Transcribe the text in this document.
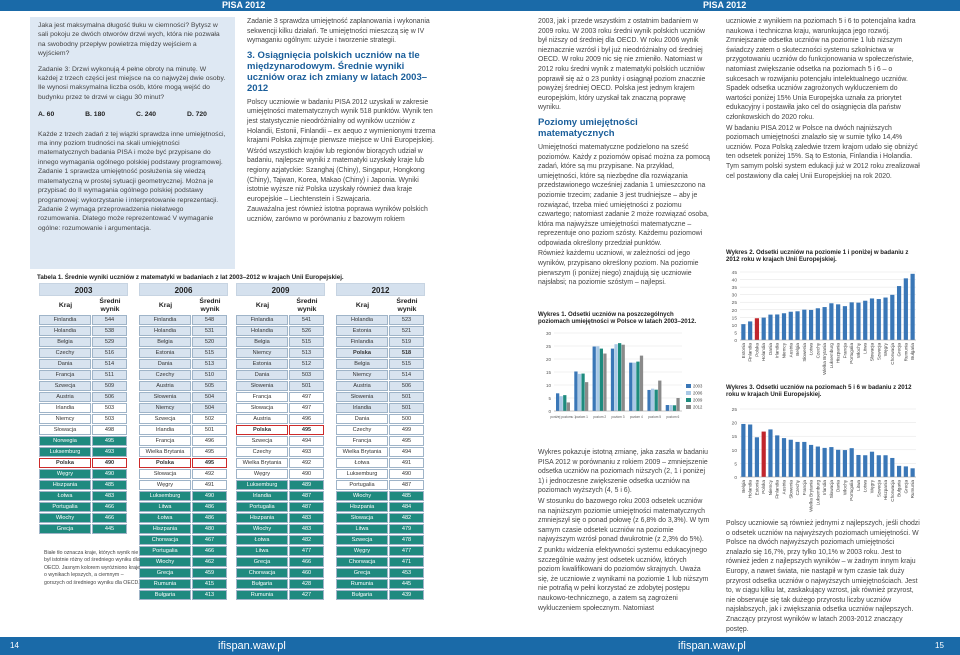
PISA 2012	PISA 2012

Jaka jest maksymalna długość tłuku w ciemności? Bytysz w sali pokoju ze dwóch otworów drzwi wych, która nie pozwała na swobodny przepływ powietrza między wejściem a wyjściem?

Zadanie 3: Drzwi wykonują 4 pełne obroty na minutę. W każdej z trzech części jest miejsce na co najwyżej dwie osoby. Ile wynosi maksymalna liczba osób, które mogą wejść do budynku przez te drzwi w ciągu 30 minut?

A. 60	B. 180	C. 240	D. 720

Każde z trzech zadań z tej wiązki sprawdza inne umiejętności, ma inny poziom trudności na skali umiejętności matematycznych badania PISA i może być przypisane do innego wymagania ogólnego polskiej podstawy programowej. Zadanie 1 sprawdza umiejętność posłużenia się wiedzą matematyczną w prostej sytuacji geometrycznej. Można je przypisać do II wymagania ogólnego polskiej podstawy programowej: wykorzystanie i interpretowanie reprezentacji. Zadanie 2 wymaga przeprowadzenia niełatwego rozumowania. Dlatego może reprezentować V wymaganie ogólne: rozumowanie i argumentacja.

Zadanie 3 sprawdza umiejętność zaplanowania i wykonania sekwencji kilku działań. Te umiejętności mieszczą się w IV wymaganiu ogólnym: użycie i tworzenie strategii.

3. Osiągnięcia polskich uczniów na tle międzynarodowym. Średnie wyniki uczniów oraz ich zmiany w latach 2003–2012

Polscy uczniowie w badaniu PISA 2012 uzyskali w zakresie umiejętności matematycznych wynik 518 punktów. Wynik ten jest statystycznie nieodróżnialny od wyników uczniów z Holandii, Estonii, Finlandii – ex aequo z wymienionymi trzema krajami Polska zajmuje pierwsze miejsce w Unii Europejskiej.

Wśród wszystkich krajów lub regionów biorących udział w badaniu, najlepsze wyniki z matematyki uzyskały kraje lub regiony azjatyckie: Szanghaj (Chiny), Singapur, Hongkong (Chiny), Tajwan, Korea, Makao (Chiny) i Japonia. Wyniki istotnie wyższe niż Polska uzyskały również dwa kraje europejskie – Liechtenstein i Szwajcaria.

Zauważalna jest również istotna poprawa wyników polskich uczniów, zarówno w porównaniu z bazowym rokiem

2003, jak i przede wszystkim z ostatnim badaniem w 2009 roku. W 2003 roku średni wynik polskich uczniów był niższy od średniej dla OECD. W roku 2006 wynik nieznacznie wzrósł i był już nieodróżnialny od średniej OECD. W roku 2009 nic się nie zmieniło. Natomiast w 2012 roku średni wynik z matematyki polskich uczniów poprawił się aż o 23 punkty i osiągnął poziom znacznie powyżej średniej OECD. Polska jest jednym krajem europejskim, który uzyskał tak znaczną poprawę wyniku.

Poziomy umiejętności matematycznych

Umiejętności matematyczne podzielono na sześć poziomów. Każdy z poziomów opisać można za pomocą zadań, które są mu przypisane. Na przykład, umiejętności, które są niezbędne dla rozwiązania przedstawionego wcześniej zadania 1 umieszczono na poziomie trzecim; zadanie 3 jest trudniejsze – aby je rozwiązać, trzeba mieć umiejętności z poziomu czwartego; natomiast zadanie 2 może rozwiązać osoba, która ma najwyższe umiejętności matematyczne – reprezentuje ono poziom szósty. Każdemu poziomowi odpowiada określony przedział punktów.

Również każdemu uczniowi, w zależności od jego wyników, przypisano określony poziom. Na poziomie pierwszym (i poniżej niego) znajdują się uczniowie najsłabsi; na poziomie szóstym – najlepsi.

Wykres pokazuje istotną zmianę, jaka zaszła w badaniu PISA 2012 w porównaniu z rokiem 2009 – zmniejszenie odsetka uczniów na poziomach niższych (2, 1 i poniżej 1) i jednoczesne zwiększenie odsetka uczniów na poziomach wyższych (4, 5 i 6).

W stosunku do bazowego roku 2003 odsetek uczniów na najniższym poziomie umiejętności matematycznych zmniejszył się o ponad połowę (z 6,8% do 3,3%). W tym samym czasie odsetek uczniów na poziomie najwyższym wzrósł ponad dwukrotnie (z 2,3% do 5%).

Z punktu widzenia efektywności systemu edukacyjnego szczególnie ważny jest odsetek uczniów, których poziom kwalifikowani do poziomów skrajnych. Uważa się, że uczniowie z wynikami na poziomie 1 lub niższym nie potrafią w pełni korzystać ze zdobytej postępu naukowo-technicznego, a zatem są zagrożeni wykluczeniem społecznym. Natomiast

uczniowie z wynikiem na poziomach 5 i 6 to potencjalna kadra naukowa i techniczna kraju, warunkująca jego rozwój. Zmniejszanie odsetka uczniów na poziomie 1 lub niższym świadczy zatem o skuteczności systemu szkolnictwa w przygotowaniu uczniów do funkcjonowania w społeczeństwie, natomiast zwiększanie odsetka na poziomach 5 i 6 – o sukcesach w rozwijaniu potencjału intelektualnego uczniów. Spadek odsetka uczniów zagrożonych wykluczeniem do wartości poniżej 15% Unia Europejska uznała za priorytet edukacyjny i postawiła jako cel do osiągnięcia dla państw członkowskich do 2020 roku.

W badaniu PISA 2012 w Polsce na dwóch najniższych poziomach umiejętności znalazło się w sumie tylko 14,4% uczniów. Poza Polską zaledwie trzem krajom udało się obniżyć ten odsetek poniżej 15%. Są to Estonia, Finlandia i Holandia. Tym samym polski system edukacji już w 2012 roku zrealizował cel postawiony dla całej Unii Europejskiej na rok 2020.

Polscy uczniowie są również jednymi z najlepszych, jeśli chodzi o odsetek uczniów na najwyższych poziomach umiejętności. W Polsce na dwóch najwyższych poziomach umiejętności znalazło się 16,7%, przy tylko 10,1% w 2003 roku. Jest to również jeden z najlepszych wyników – w żadnym innym kraju Europy, a nawet świata, nie nastąpił w tym czasie tak duży przyrost odsetka uczniów o najwyższych umiejętnościach. Jest to, w ciągu kilku lat, zaskakujący wzrost, jak również przyrost, nie obserwuje się tak dużego przyrostu liczby uczniów najsłabszych, jak i zwiększania odsetka uczniów najlepszych. Znaczący przyrost wyników w latach 2003-2012 znaczący postęp.

Tabela 1. Średnie wyniki uczniów z matematyki w badaniach z lat 2003–2012 w krajach Unii Europejskiej.
2003
Kraj
Średni wynik
Finlandia	544
Holandia	538
Belgia	529
Czechy	516
Dania	514
Francja	511
Szwecja	509
Austria	506
Irlandia	503
Niemcy	503
Słowacja	498
Norwegia	495
Luksemburg	493
Polska	490
Węgry	490
Hiszpania	485
Łotwa	483
Portugalia	466
Włochy	466
Grecja	445
2006
Kraj
Średni wynik
Finlandia	548
Holandia	531
Belgia	520
Estonia	515
Dania	513
Czechy	510
Austria	505
Słowenia	504
Niemcy	504
Szwecja	502
Irlandia	501
Francja	496
Wielka Brytania	495
Polska	495
Słowacja	492
Węgry	491
Luksemburg	490
Litwa	486
Łotwa	486
Hiszpania	480
Chorwacja	467
Portugalia	466
Włochy	462
Grecja	459
Rumunia	415
Bułgaria	413
2009
Kraj
Średni wynik
Finlandia	541
Holandia	526
Belgia	515
Niemcy	513
Estonia	512
Dania	503
Słowenia	501
Francja	497
Słowacja	497
Austria	496
Polska	495
Szwecja	494
Czechy	493
Wielka Brytania	492
Węgry	490
Luksemburg	489
Irlandia	487
Portugalia	487
Hiszpania	483
Włochy	483
Łotwa	482
Litwa	477
Grecja	466
Chorwacja	460
Bułgaria	428
Rumunia	427
2012
Kraj
Średni wynik
Holandia	523
Estonia	521
Finlandia	519
Polska	518
Belgia	515
Niemcy	514
Austria	506
Słowenia	501
Irlandia	501
Dania	500
Czechy	499
Francja	495
Wielka Brytania	494
Łotwa	491
Luksemburg	490
Portugalia	487
Włochy	485
Hiszpania	484
Słowacja	482
Litwa	479
Szwecja	478
Węgry	477
Chorwacja	471
Grecja	453
Rumunia	445
Bułgaria	439
Białe tło oznacza kraje, których wynik nie był istotnie różny od średniego wyniku dla OECD. Jasnym kolorem wyróżniono kraje o wynikach lepszych, a ciemnym – gorszych od średniego wyniku dla OECD.
Wykres 1. Odsetki uczniów na poszczególnych poziomach umiejętności w Polsce w latach 2003–2012.
Wykres 2. Odsetki uczniów na poziomie 1 i poniżej w badaniu z 2012 roku w krajach Unii Europejskiej.
Wykres 3. Odsetki uczniów na poziomach 5 i 6 w badaniu z 2012 roku w krajach Unii Europejskiej.
0
5
10
15
20
25
30
poniżej poziomu 1
poziom 1 poziom 2 poziom 3 poziom 4 poziom 5 poziom 6
2003
2006
2009
2012
0
5
10
15
20
25
30
35
40
45
Estonia Finlandia Polska Holandia Dania Irlandia Niemcy Austria Belgia Słowenia Łotwa Czechy Wielka Brytania Luksemburg Hiszpania Francja Portugalia Włochy Litwa Słowacja Szwecja Węgry Chorwacja Grecja Rumunia Bułgaria
0
5
10
15
20
25
Belgia Holandia Estonia Polska Niemcy Finlandia Austria Słowenia Czechy Francja Wielka Brytania Luksemburg Irlandia Słowacja Dania Włochy Portugalia Litwa Łotwa Węgry Szwecja Hiszpania Chorwacja Bułgaria Grecja Rumunia
14	ifispan.waw.pl	ifispan.waw.pl	15
